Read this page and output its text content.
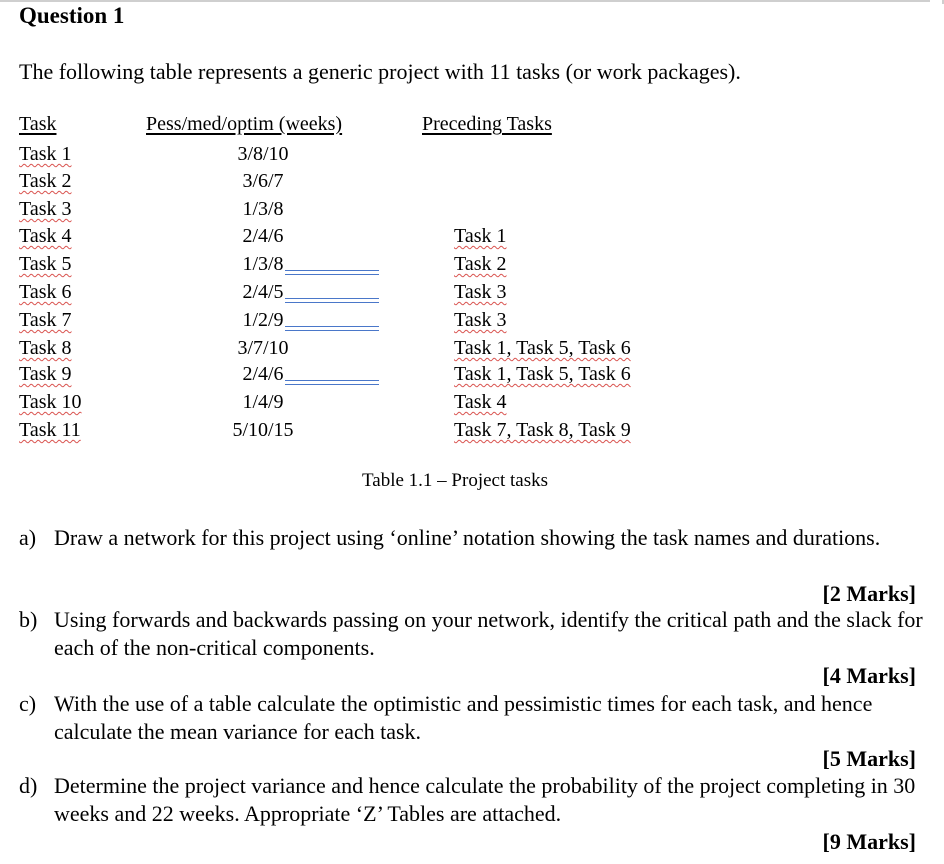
Question 1
The following table represents a generic project with 11 tasks (or work packages).
Task	Pess/med/optim (weeks)	Preceding Tasks
Task 1	3/8/10
Task 2	3/6/7
Task 3	1/3/8
Task 4	2/4/6	Task 1
Task 5	1/3/8	Task 2
Task 6	2/4/5	Task 3
Task 7	1/2/9	Task 3
Task 8	3/7/10	Task 1, Task 5, Task 6
Task 9	2/4/6	Task 1, Task 5, Task 6
Task 10	1/4/9	Task 4
Task 11	5/10/15	Task 7, Task 8, Task 9
Table 1.1 – Project tasks
a) Draw a network for this project using ‘online’ notation showing the task names and durations.
[2 Marks]
b) Using forwards and backwards passing on your network, identify the critical path and the slack for each of the non-critical components.
[4 Marks]
c) With the use of a table calculate the optimistic and pessimistic times for each task, and hence calculate the mean variance for each task.
[5 Marks]
d) Determine the project variance and hence calculate the probability of the project completing in 30 weeks and 22 weeks. Appropriate ‘Z’ Tables are attached.
[9 Marks]
